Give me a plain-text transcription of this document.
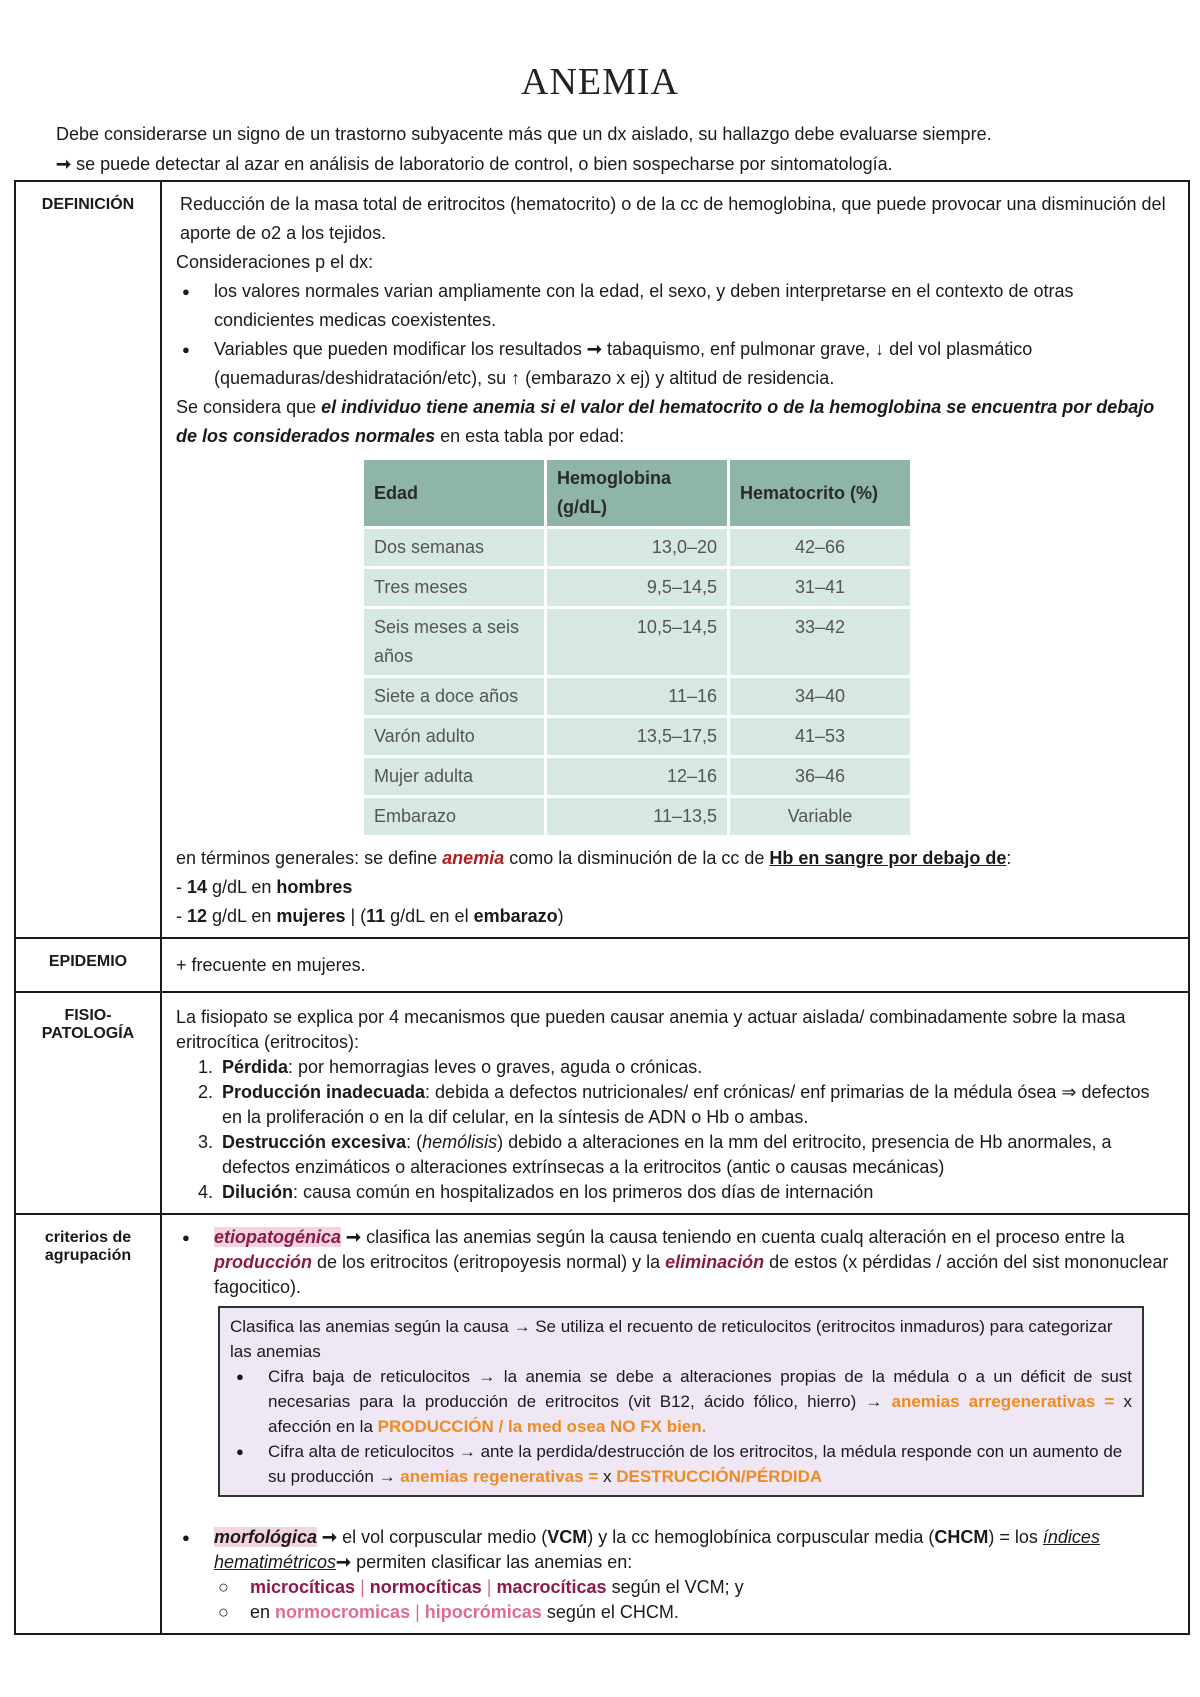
ANEMIA
Debe considerarse un signo de un trastorno subyacente más que un dx aislado, su hallazgo debe evaluarse siempre.
➞ se puede detectar al azar en análisis de laboratorio de control, o bien sospecharse por sintomatología.
DEFINICIÓN	Reducción de la masa total de eritrocitos (hematocrito) o de la cc de hemoglobina, que puede provocar una disminución del aporte de o2 a los tejidos.
Consideraciones p el dx:
● los valores normales varian ampliamente con la edad, el sexo, y deben interpretarse en el contexto de otras condicientes medicas coexistentes.
● Variables que pueden modificar los resultados ➞ tabaquismo, enf pulmonar grave, ↓ del vol plasmático (quemaduras/deshidratación/etc), su ↑ (embarazo x ej) y altitud de residencia.
Se considera que el individuo tiene anemia si el valor del hematocrito o de la hemoglobina se encuentra por debajo de los considerados normales en esta tabla por edad:
Edad	Hemoglobina (g/dL)	Hematocrito (%)
Dos semanas	13,0–20	42–66
Tres meses	9,5–14,5	31–41
Seis meses a seis años	10,5–14,5	33–42
Siete a doce años	11–16	34–40
Varón adulto	13,5–17,5	41–53
Mujer adulta	12–16	36–46
Embarazo	11–13,5	Variable
en términos generales: se define anemia como la disminución de la cc de Hb en sangre por debajo de:
- 14 g/dL en hombres
- 12 g/dL en mujeres | (11 g/dL en el embarazo)

EPIDEMIO	+ frecuente en mujeres.

FISIO-
PATOLOGÍA

La fisiopato se explica por 4 mecanismos que pueden causar anemia y actuar aislada/ combinadamente sobre la masa eritrocítica (eritrocitos):
1. Pérdida: por hemorragias leves o graves, aguda o crónicas.
2. Producción inadecuada: debida a defectos nutricionales/ enf crónicas/ enf primarias de la médula ósea ⇒ defectos en la proliferación o en la dif celular, en la síntesis de ADN o Hb o ambas.
3. Destrucción excesiva: (hemólisis) debido a alteraciones en la mm del eritrocito, presencia de Hb anormales, a defectos enzimáticos o alteraciones extrínsecas a la eritrocitos (antic o causas mecánicas)
4. Dilución: causa común en hospitalizados en los primeros dos días de internación

criterios de
agrupación

● etiopatogénica ➞ clasifica las anemias según la causa teniendo en cuenta cualq alteración en el proceso entre la producción de los eritrocitos (eritropoyesis normal) y la eliminación de estos (x pérdidas / acción del sist mononuclear fagocitico).
Clasifica las anemias según la causa → Se utiliza el recuento de reticulocitos (eritrocitos inmaduros) para categorizar las anemias
● Cifra baja de reticulocitos → la anemia se debe a alteraciones propias de la médula o a un déficit de sust necesarias para la producción de eritrocitos (vit B12, ácido fólico, hierro) → anemias arregenerativas = x afección en la PRODUCCIÓN / la med osea NO FX bien.
● Cifra alta de reticulocitos → ante la perdida/destrucción de los eritrocitos, la médula responde con un aumento de su producción → anemias regenerativas = x DESTRUCCIÓN/PÉRDIDA
● morfológica ➞ el vol corpuscular medio (VCM) y la cc hemoglobínica corpuscular media (CHCM) = los índices hematimétricos➞ permiten clasificar las anemias en:
○ microcíticas | normocíticas | macrocíticas según el VCM; y
○ en normocromicas | hipocrómicas según el CHCM.
